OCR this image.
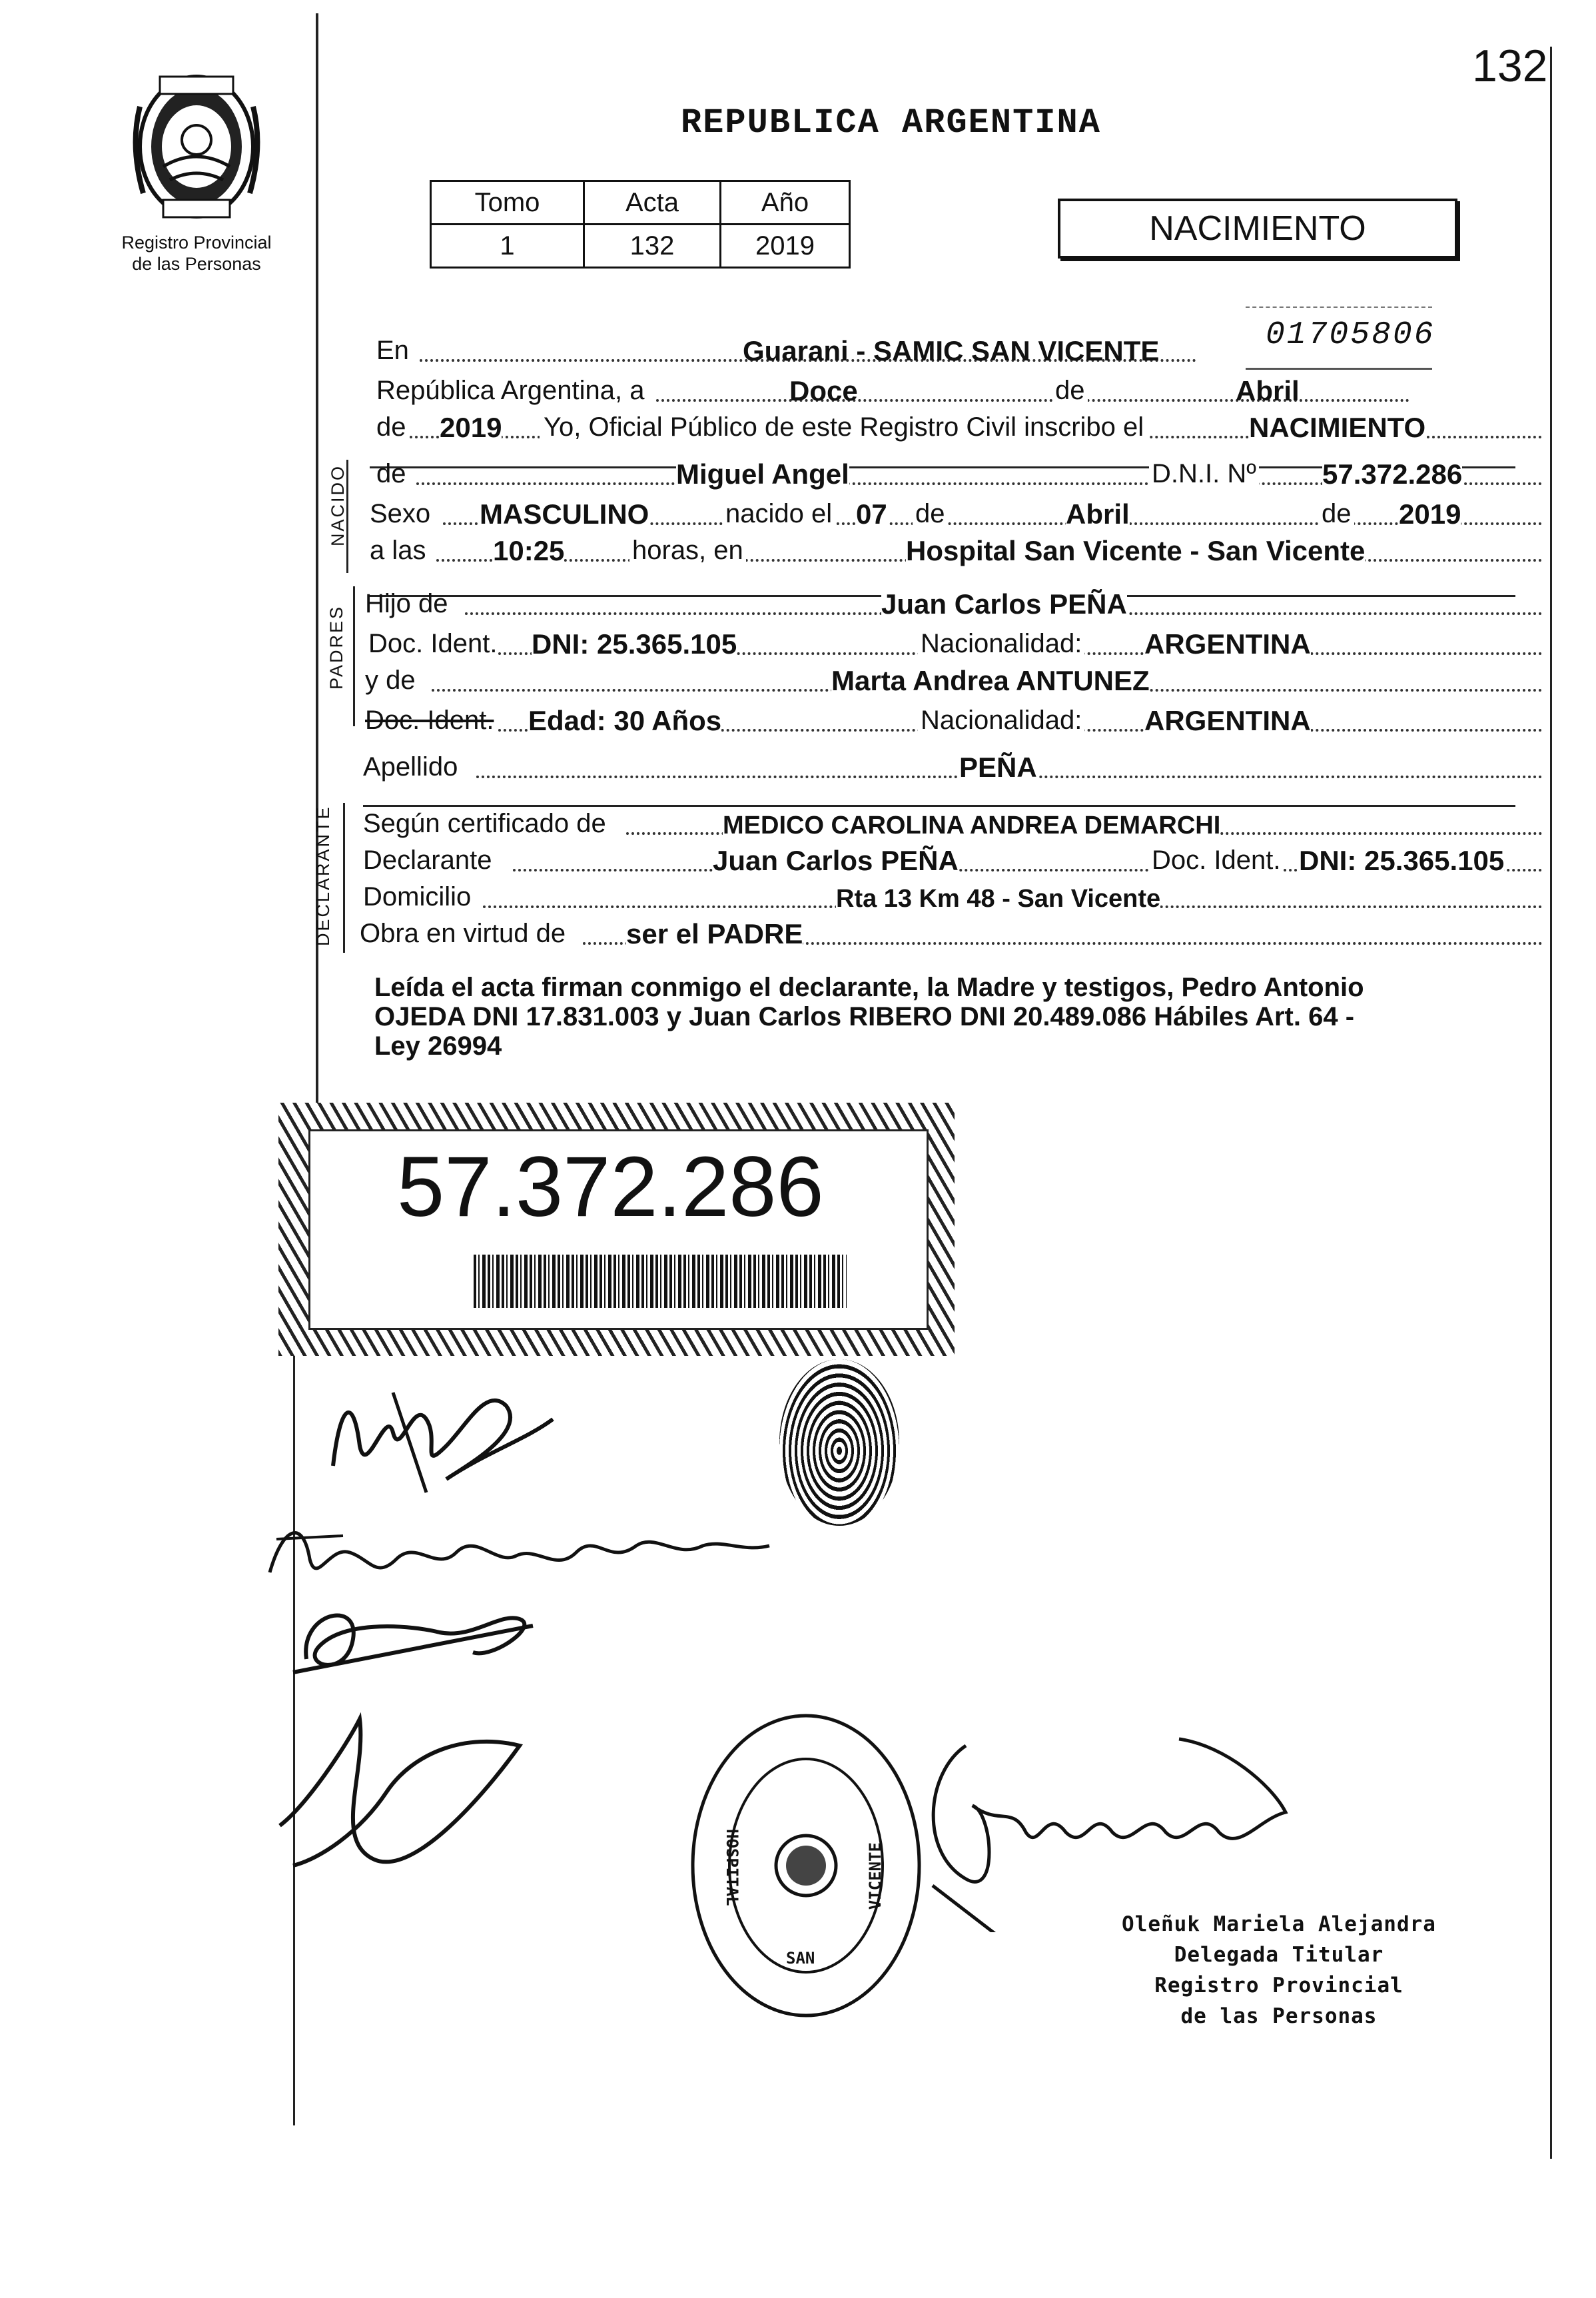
132
Registro Provincial
de las Personas
REPUBLICA ARGENTINA
Tomo	Acta	Año
1	132	2019	NACIMIENTO
01705806
En	Guarani - SAMIC SAN VICENTE
República Argentina, a	Doce	de	Abril
de 2019 Yo, Oficial Público de este Registro Civil inscribo el	NACIMIENTO
NACIDO de	Miguel Angel	D.N.I. Nº 57.372.286
Sexo MASCULINO	nacido el 07 de	Abril	de 2019
a las 10:25	horas, en	Hospital San Vicente - San Vicente
PADRES
Hijo de	Juan Carlos PEÑA
Doc. Ident. DNI: 25.365.105	Nacionalidad: ARGENTINA
y de	Marta Andrea ANTUNEZ
Doc. Ident. Edad: 30 Años	Nacionalidad: ARGENTINA
Apellido	PEÑA
DECLARANTE Según certificado de	MEDICO CAROLINA ANDREA DEMARCHI
Declarante	Juan Carlos PEÑA	Doc. Ident. DNI: 25.365.105
Domicilio	Rta 13 Km 48 - San Vicente
Obra en virtud de ser el PADRE
Leída el acta firman conmigo el declarante, la Madre y testigos, Pedro Antonio
OJEDA DNI 17.831.003 y Juan Carlos RIBERO DNI 20.489.086 Hábiles Art. 64 -
Ley 26994
57.372.286
HOSPITAL	VICENTE
SAN
Oleñuk Mariela Alejandra
Delegada Titular
Registro Provincial
de las Personas
